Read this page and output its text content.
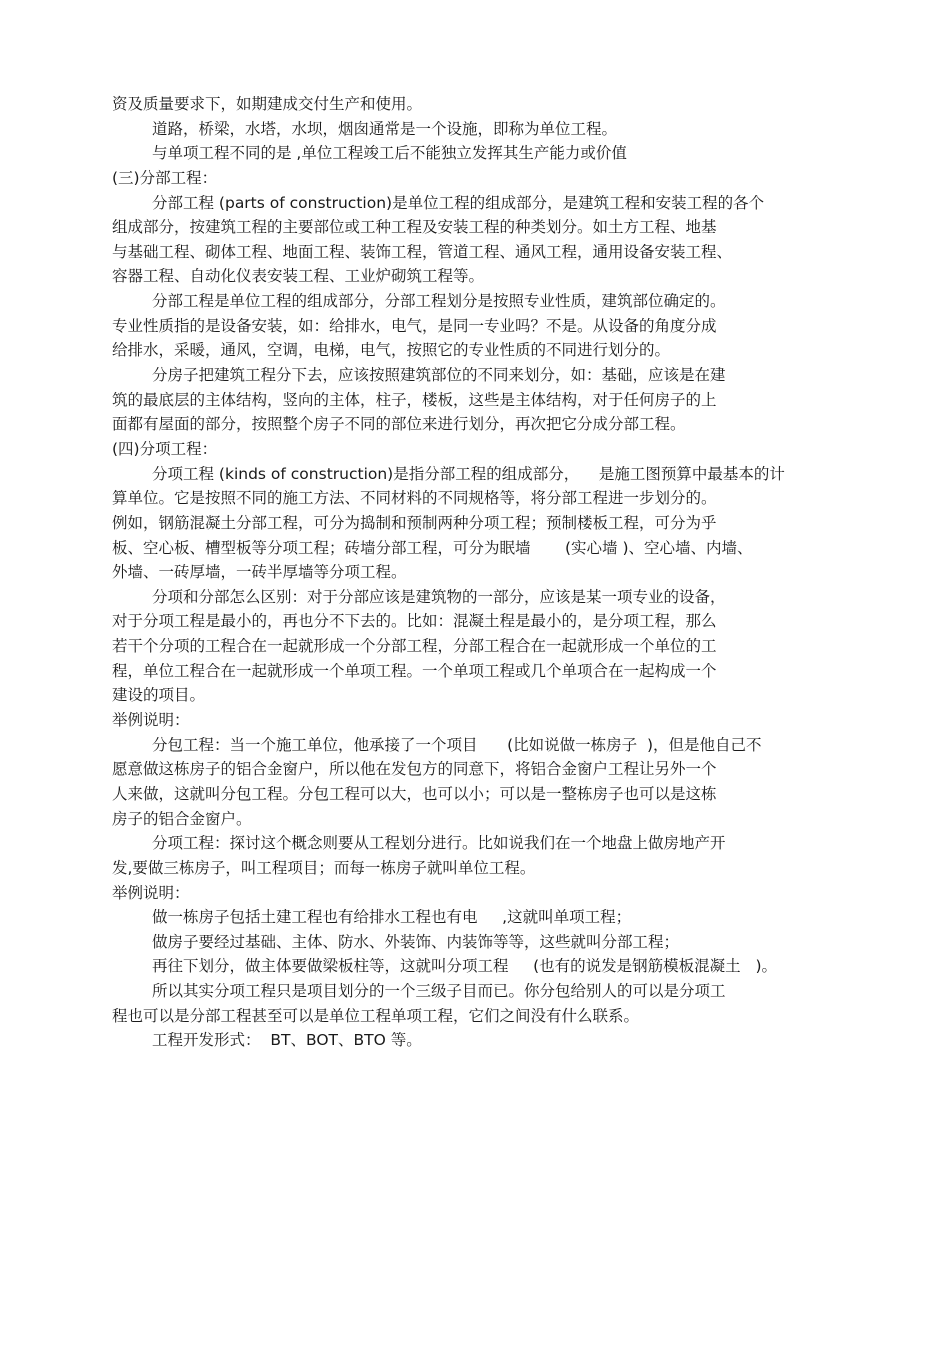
资及质量要求下，如期建成交付生产和使用。
道路，桥梁，水塔，水坝，烟囱通常是一个设施，即称为单位工程。
与单项工程不同的是 ,单位工程竣工后不能独立发挥其生产能力或价值
(三)分部工程：
分部工程 (parts of construction)是单位工程的组成部分，是建筑工程和安装工程的各个
组成部分，按建筑工程的主要部位或工种工程及安装工程的种类划分。如土方工程、地基
与基础工程、砌体工程、地面工程、装饰工程，管道工程、通风工程，通用设备安装工程、
容器工程、自动化仪表安装工程、工业炉砌筑工程等。
分部工程是单位工程的组成部分，分部工程划分是按照专业性质，建筑部位确定的。
专业性质指的是设备安装，如：给排水，电气，是同一专业吗？不是。从设备的角度分成
给排水，采暖，通风，空调，电梯，电气，按照它的专业性质的不同进行划分的。
分房子把建筑工程分下去，应该按照建筑部位的不同来划分，如：基础，应该是在建
筑的最底层的主体结构，竖向的主体，柱子，楼板，这些是主体结构，对于任何房子的上
面都有屋面的部分，按照整个房子不同的部位来进行划分，再次把它分成分部工程。
(四)分项工程：
分项工程 (kinds of construction)是指分部工程的组成部分，    是施工图预算中最基本的计
算单位。它是按照不同的施工方法、不同材料的不同规格等，将分部工程进一步划分的。
例如，钢筋混凝土分部工程，可分为捣制和预制两种分项工程；预制楼板工程，可分为乎
板、空心板、槽型板等分项工程；砖墙分部工程，可分为眠墙       (实心墙 )、空心墙、内墙、
外墙、一砖厚墙，一砖半厚墙等分项工程。
分项和分部怎么区别：对于分部应该是建筑物的一部分，应该是某一项专业的设备，
对于分项工程是最小的，再也分不下去的。比如：混凝土程是最小的，是分项工程，那么
若干个分项的工程合在一起就形成一个分部工程，分部工程合在一起就形成一个单位的工
程，单位工程合在一起就形成一个单项工程。一个单项工程或几个单项合在一起构成一个
建设的项目。
举例说明：
分包工程：当一个施工单位，他承接了一个项目      (比如说做一栋房子  )，但是他自己不
愿意做这栋房子的铝合金窗户，所以他在发包方的同意下，将铝合金窗户工程让另外一个
人来做，这就叫分包工程。分包工程可以大，也可以小；可以是一整栋房子也可以是这栋
房子的铝合金窗户。
分项工程：探讨这个概念则要从工程划分进行。比如说我们在一个地盘上做房地产开
发,要做三栋房子，叫工程项目；而每一栋房子就叫单位工程。
举例说明：
做一栋房子包括土建工程也有给排水工程也有电     ,这就叫单项工程；
做房子要经过基础、主体、防水、外装饰、内装饰等等，这些就叫分部工程；
再往下划分，做主体要做梁板柱等，这就叫分项工程     (也有的说发是钢筋模板混凝土   )。
所以其实分项工程只是项目划分的一个三级子目而已。你分包给别人的可以是分项工
程也可以是分部工程甚至可以是单位工程单项工程，它们之间没有什么联系。
工程开发形式：  BT、BOT、BTO 等。
